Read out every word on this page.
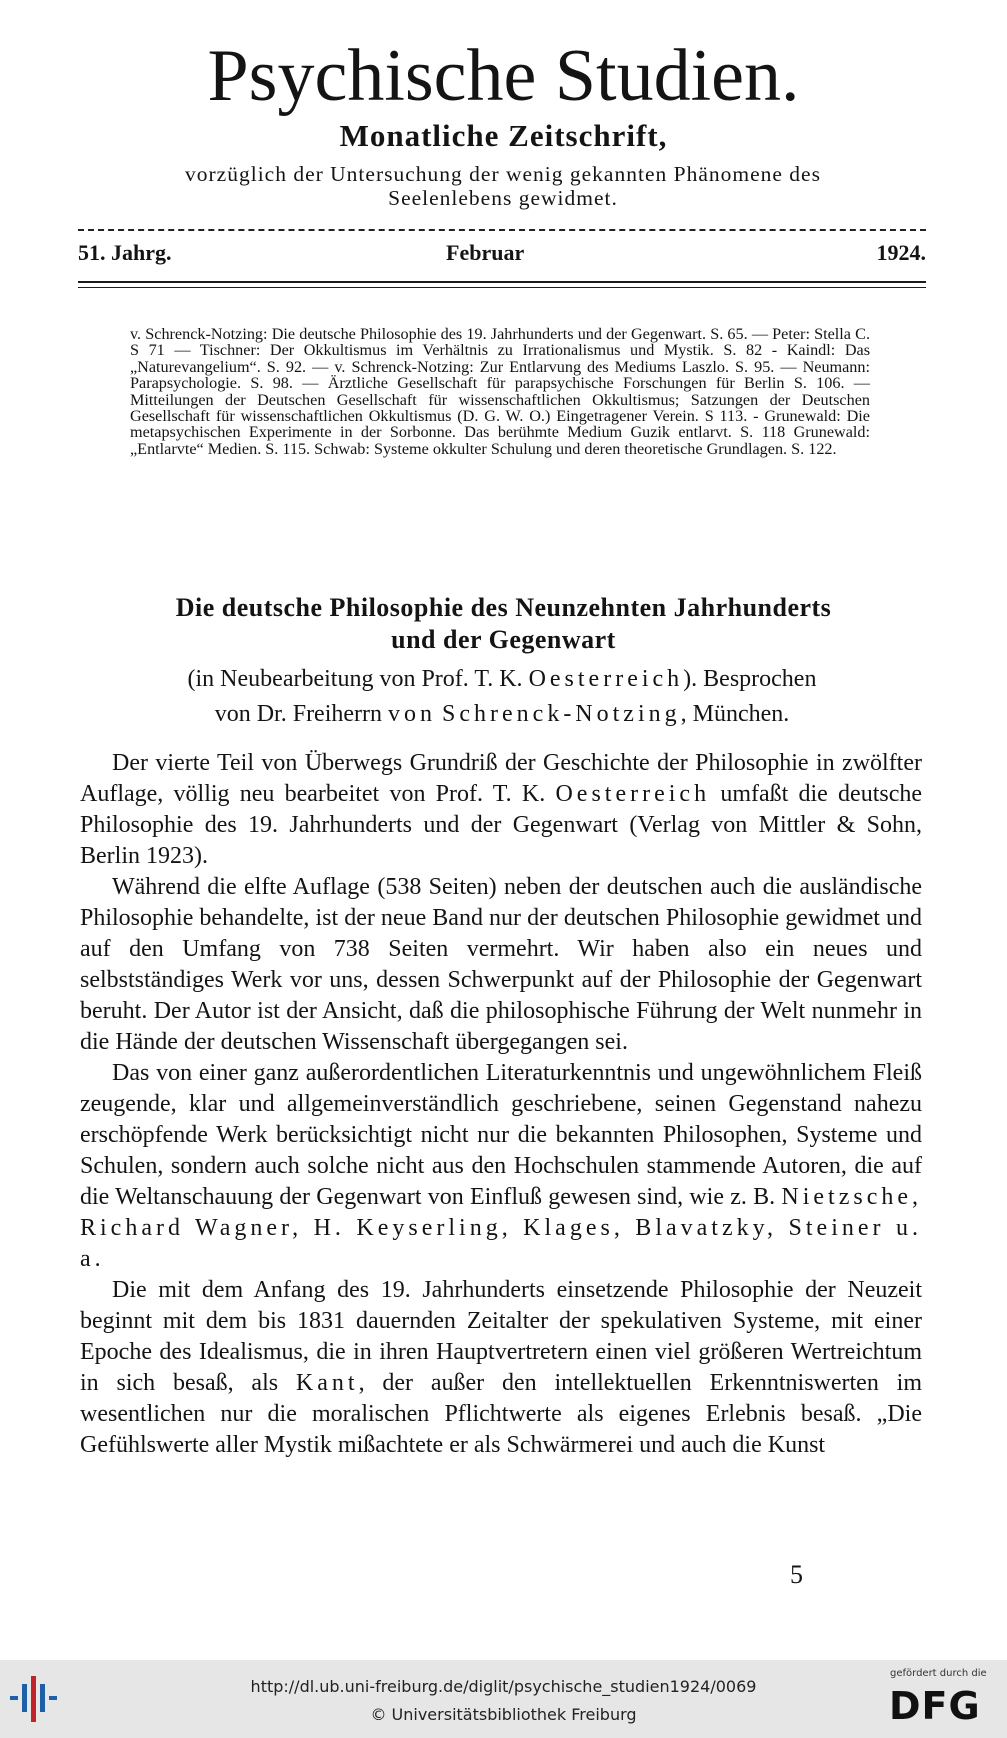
Psychische Studien.
Monatliche Zeitschrift,
vorzüglich der Untersuchung der wenig gekannten Phänomene des
Seelenlebens gewidmet.
51. Jahrg.	Februar	1924.
v. Schrenck-Notzing: Die deutsche Philosophie des 19. Jahrhunderts und der Gegenwart. S. 65. — Peter: Stella C. S 71 — Tischner: Der Okkultismus im Verhältnis zu Irrationalismus und Mystik. S. 82 - Kaindl: Das „Naturevangelium“. S. 92. — v. Schrenck-Notzing: Zur Entlarvung des Mediums Laszlo. S. 95. — Neumann: Parapsychologie. S. 98. — Ärztliche Gesellschaft für parapsychische Forschungen für Berlin S. 106. — Mitteilungen der Deutschen Gesellschaft für wissenschaftlichen Okkultismus; Satzungen der Deutschen Gesellschaft für wissenschaftlichen Okkultismus (D. G. W. O.) Eingetragener Verein. S 113. - Grunewald: Die metapsychischen Experimente in der Sorbonne. Das berühmte Medium Guzik entlarvt. S. 118 Grunewald: „Entlarvte“ Medien. S. 115. Schwab: Systeme okkulter Schulung und deren theoretische Grundlagen. S. 122.
Die deutsche Philosophie des Neunzehnten Jahrhunderts
und der Gegenwart
(in Neubearbeitung von Prof. T. K. Oesterreich). Besprochen
von Dr. Freiherrn von Schrenck-Notzing, München.

Der vierte Teil von Überwegs Grundriß der Geschichte der Philosophie in zwölfter Auflage, völlig neu bearbeitet von Prof. T. K. Oesterreich umfaßt die deutsche Philosophie des 19. Jahrhunderts und der Gegenwart (Verlag von Mittler & Sohn, Berlin 1923).

Während die elfte Auflage (538 Seiten) neben der deutschen auch die ausländische Philosophie behandelte, ist der neue Band nur der deutschen Philosophie gewidmet und auf den Umfang von 738 Seiten vermehrt. Wir haben also ein neues und selbstständiges Werk vor uns, dessen Schwerpunkt auf der Philosophie der Gegenwart beruht. Der Autor ist der Ansicht, daß die philosophische Führung der Welt nunmehr in die Hände der deutschen Wissenschaft übergegangen sei.

Das von einer ganz außerordentlichen Literaturkenntnis und ungewöhnlichem Fleiß zeugende, klar und allgemeinverständlich geschriebene, seinen Gegenstand nahezu erschöpfende Werk berücksichtigt nicht nur die bekannten Philosophen, Systeme und Schulen, sondern auch solche nicht aus den Hochschulen stammende Autoren, die auf die Weltanschauung der Gegenwart von Einfluß gewesen sind, wie z. B. Nietzsche, Richard Wagner, H. Keyserling, Klages, Blavatzky, Steiner u. a.

Die mit dem Anfang des 19. Jahrhunderts einsetzende Philosophie der Neuzeit beginnt mit dem bis 1831 dauernden Zeitalter der spekulativen Systeme, mit einer Epoche des Idealismus, die in ihren Hauptvertretern einen viel größeren Wertreichtum in sich besaß, als Kant, der außer den intellektuellen Erkenntniswerten im wesentlichen nur die moralischen Pflichtwerte als eigenes Erlebnis besaß. „Die Gefühlswerte aller Mystik mißachtete er als Schwärmerei und auch die Kunst

5
http://dl.ub.uni-freiburg.de/diglit/psychische_studien1924/0069
© Universitätsbibliothek Freiburg
gefördert durch die
DFG
